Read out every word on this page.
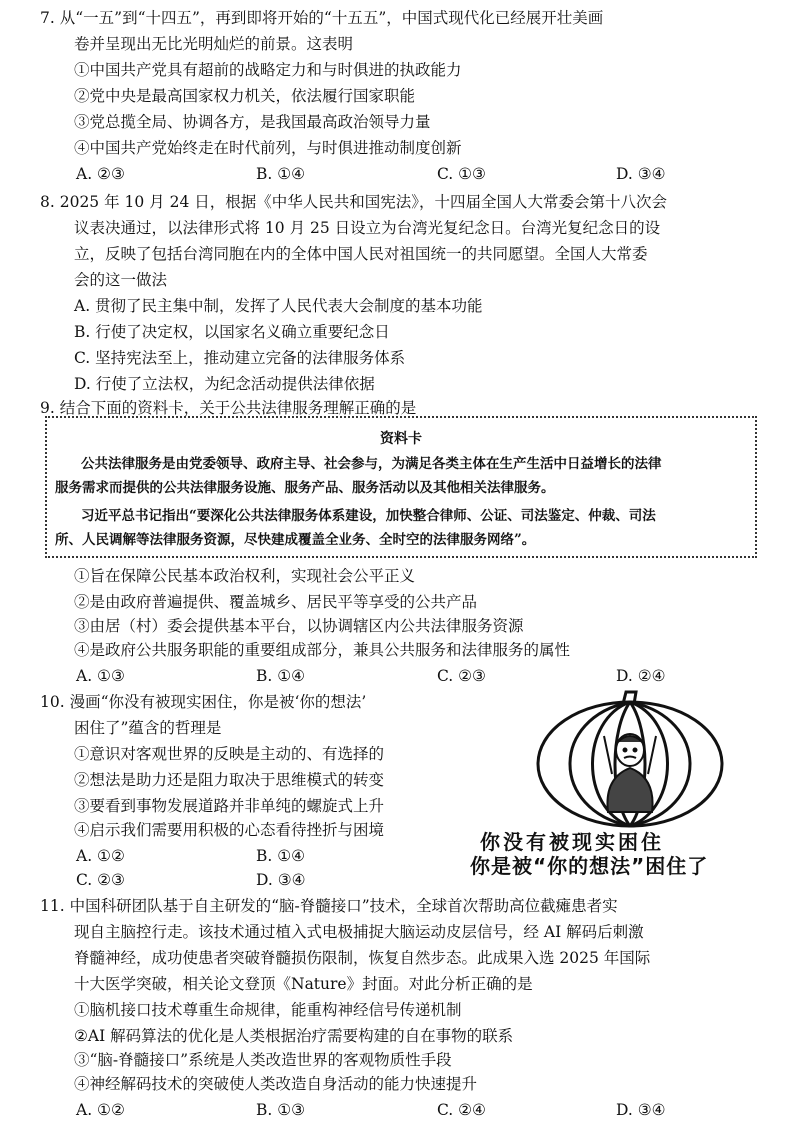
7. 从“一五”到“十四五”，再到即将开始的“十五五”，中国式现代化已经展开壮美画
卷并呈现出无比光明灿烂的前景。这表明
①中国共产党具有超前的战略定力和与时俱进的执政能力
②党中央是最高国家权力机关，依法履行国家职能
③党总揽全局、协调各方，是我国最高政治领导力量
④中国共产党始终走在时代前列，与时俱进推动制度创新
A. ②③	B. ①④	C. ①③	D. ③④
8. 2025 年 10 月 24 日，根据《中华人民共和国宪法》，十四届全国人大常委会第十八次会
议表决通过，以法律形式将 10 月 25 日设立为台湾光复纪念日。台湾光复纪念日的设
立，反映了包括台湾同胞在内的全体中国人民对祖国统一的共同愿望。全国人大常委
会的这一做法
A. 贯彻了民主集中制，发挥了人民代表大会制度的基本功能
B. 行使了决定权，以国家名义确立重要纪念日
C. 坚持宪法至上，推动建立完备的法律服务体系
D. 行使了立法权，为纪念活动提供法律依据
9. 结合下面的资料卡，关于公共法律服务理解正确的是
资料卡
公共法律服务是由党委领导、政府主导、社会参与，为满足各类主体在生产生活中日益增长的法律
服务需求而提供的公共法律服务设施、服务产品、服务活动以及其他相关法律服务。
习近平总书记指出“要深化公共法律服务体系建设，加快整合律师、公证、司法鉴定、仲裁、司法
所、人民调解等法律服务资源，尽快建成覆盖全业务、全时空的法律服务网络”。
①旨在保障公民基本政治权利，实现社会公平正义
②是由政府普遍提供、覆盖城乡、居民平等享受的公共产品
③由居（村）委会提供基本平台，以协调辖区内公共法律服务资源
④是政府公共服务职能的重要组成部分，兼具公共服务和法律服务的属性
A. ①③	B. ①④	C. ②③	D. ②④
10. 漫画“你没有被现实困住，你是被‘你的想法’
困住了”蕴含的哲理是
①意识对客观世界的反映是主动的、有选择的
②想法是助力还是阻力取决于思维模式的转变
③要看到事物发展道路并非单纯的螺旋式上升
④启示我们需要用积极的心态看待挫折与困境
A. ①②	B. ①④
C. ②③	D. ③④
你没有被现实困住
你是被“你的想法”困住了
11. 中国科研团队基于自主研发的“脑-脊髓接口”技术，全球首次帮助高位截瘫患者实
现自主脑控行走。该技术通过植入式电极捕捉大脑运动皮层信号，经 AI 解码后刺激
脊髓神经，成功使患者突破脊髓损伤限制，恢复自然步态。此成果入选 2025 年国际
十大医学突破，相关论文登顶《Nature》封面。对此分析正确的是
①脑机接口技术尊重生命规律，能重构神经信号传递机制
②AI 解码算法的优化是人类根据治疗需要构建的自在事物的联系
③“脑-脊髓接口”系统是人类改造世界的客观物质性手段
④神经解码技术的突破使人类改造自身活动的能力快速提升
A. ①②	B. ①③	C. ②④	D. ③④
